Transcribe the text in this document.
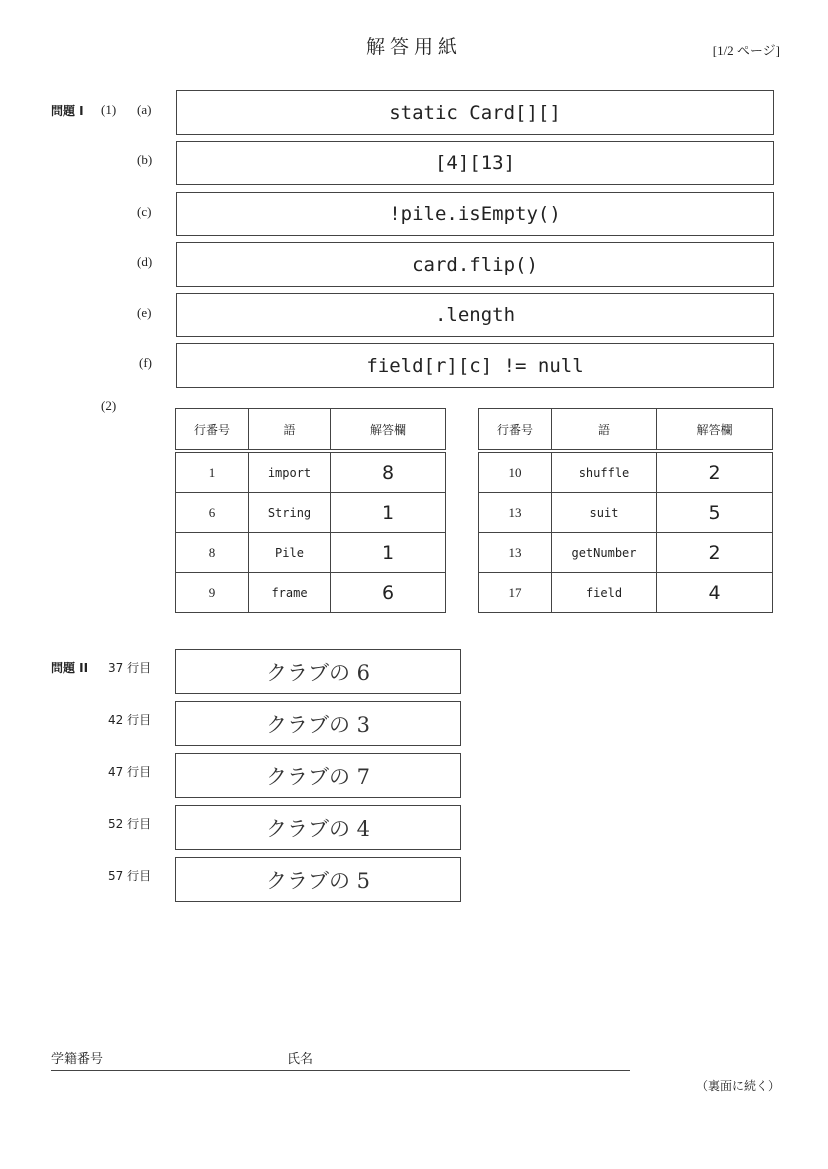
解答用紙	[1/2 ページ]
問題 I (1) (a)	static Card[][]
(b)	[4][13]
(c)	!pile.isEmpty()
(d)	card.flip()
(e)	.length
(f)	field[r][c] != null
(2)
行番号	語	解答欄

1	import	8
6	String	1
8	Pile	1
9	frame	6
行番号	語	解答欄

10	shuffle	2
13	suit	5
13	getNumber	2
17	field	4
問題 II 37 行目	クラブの 6
42 行目	クラブの 3
47 行目	クラブの 7
52 行目	クラブの 4
57 行目	クラブの 5
学籍番号	氏名
（裏面に続く）
